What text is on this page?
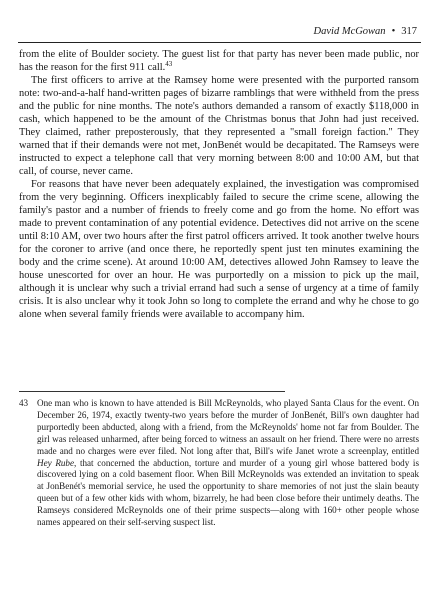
David McGowan • 317

from the elite of Boulder society. The guest list for that party has never been made public, nor has the reason for the first 911 call.$^{43}$

The first officers to arrive at the Ramsey home were presented with the purported ransom note: two-and-a-half hand-written pages of bizarre ramblings that were withheld from the press and the public for nine months. The note's authors demanded a ransom of exactly $118,000 in cash, which happened to be the amount of the Christmas bonus that John had just received. They claimed, rather preposterously, that they represented a "small foreign faction." They warned that if their demands were not met, JonBenét would be decapitated. The Ramseys were instructed to expect a telephone call that very morning between 8:00 and 10:00 AM, but that call, of course, never came.

For reasons that have never been adequately explained, the investigation was compromised from the very beginning. Officers inexplicably failed to secure the crime scene, allowing the family's pastor and a number of friends to freely come and go from the home. No effort was made to prevent contamination of any potential evidence. Detectives did not arrive on the scene until 8:10 AM, over two hours after the first patrol officers arrived. It took another twelve hours for the coroner to arrive (and once there, he reportedly spent just ten minutes examining the body and the crime scene). At around 10:00 AM, detectives allowed John Ramsey to leave the house unescorted for over an hour. He was purportedly on a mission to pick up the mail, although it is unclear why such a trivial errand had such a sense of urgency at a time of family crisis. It is also unclear why it took John so long to complete the errand and why he chose to go alone when several family friends were available to accompany him.

43 One man who is known to have attended is Bill McReynolds, who played Santa Claus for the event. On December 26, 1974, exactly twenty-two years before the murder of JonBenét, Bill's own daughter had purportedly been abducted, along with a friend, from the McReynolds' home not far from Boulder. The girl was released unharmed, after being forced to witness an assault on her friend. There were no arrests made and no charges were ever filed. Not long after that, Bill's wife Janet wrote a screenplay, entitled Hey Rube, that concerned the abduction, torture and murder of a young girl whose battered body is discovered lying on a cold basement floor. When Bill McReynolds was extended an invitation to speak at JonBenét's memorial service, he used the opportunity to share memories of not just the slain beauty queen but of a few other kids with whom, bizarrely, he had been close before their untimely deaths. The Ramseys considered McReynolds one of their prime suspects—along with 160+ other people whose names appeared on their self-serving suspect list.
